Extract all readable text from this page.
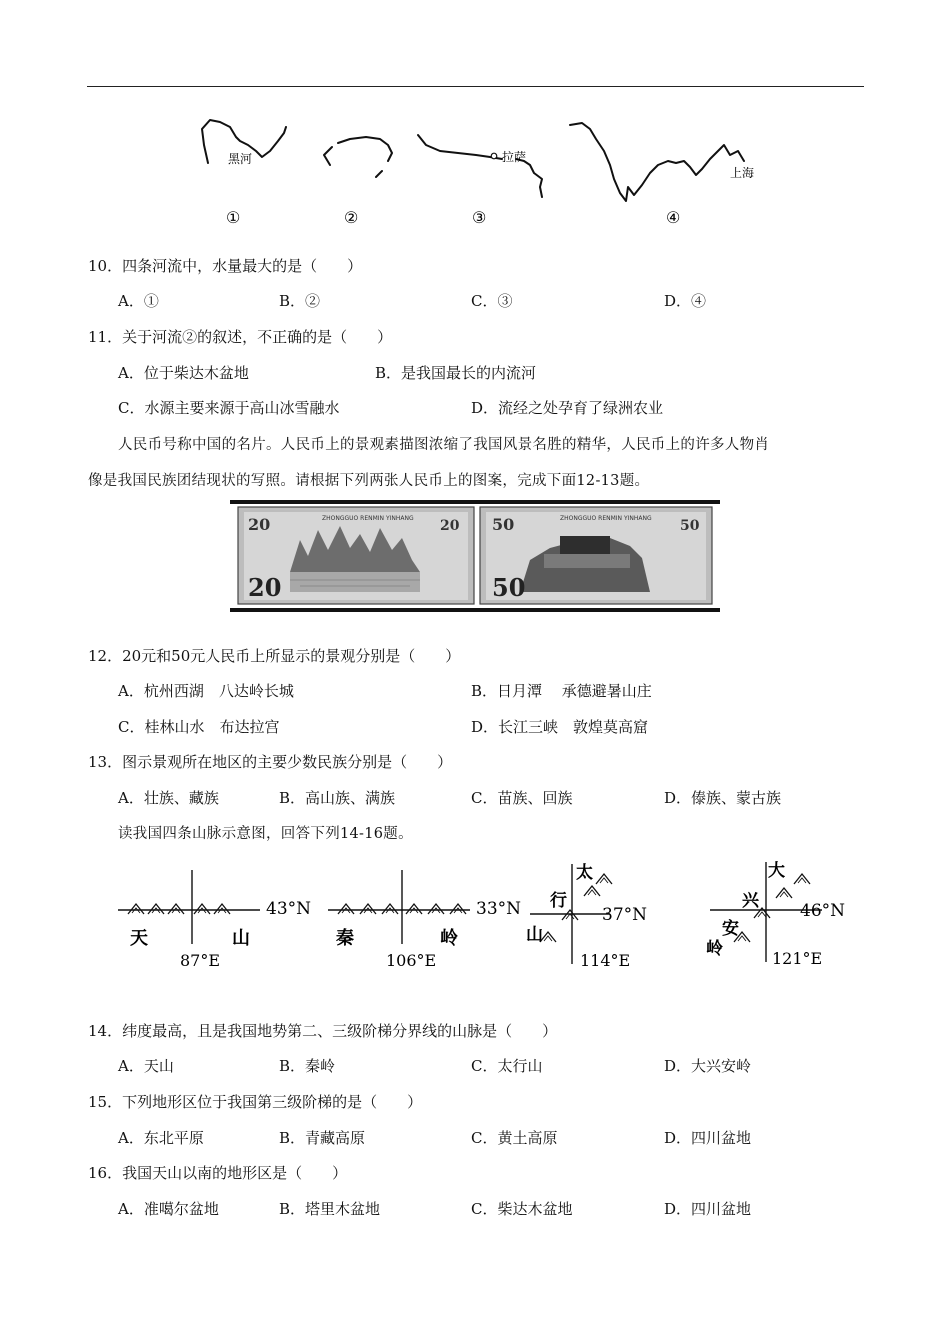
黑河	拉萨
上海
①	②	③	④
10．四条河流中，水量最大的是（　　）
A．①	B．②	C．③	D．④
11．关于河流②的叙述，不正确的是（　　）
A．位于柴达木盆地	B．是我国最长的内流河
C．水源主要来源于高山冰雪融水	D．流经之处孕育了绿洲农业
人民币号称中国的名片。人民币上的景观素描图浓缩了我国风景名胜的精华，人民币上的许多人物肖
像是我国民族团结现状的写照。请根据下列两张人民币上的图案，完成下面12-13题。
20
20
ZHONGGUO RENMIN YINHANG 20 50
50
ZHONGGUO RENMIN YINHANG 50
12．20元和50元人民币上所显示的景观分别是（　　）
A．杭州西湖　八达岭长城	B．日月潭　 承德避暑山庄
C．桂林山水　布达拉宫	D．长江三峡　敦煌莫高窟
13．图示景观所在地区的主要少数民族分别是（　　）
A．壮族、藏族	B．高山族、满族	C．苗族、回族	D．傣族、蒙古族
读我国四条山脉示意图，回答下列14-16题。
天	山
43°N
87°E
秦	岭
33°N
106°E
太
行
山
37°N
114°E
大
兴
安
岭
46°N
121°E
14．纬度最高，且是我国地势第二、三级阶梯分界线的山脉是（　　）
A．天山	B．秦岭	C．太行山	D．大兴安岭
15．下列地形区位于我国第三级阶梯的是（　　）
A．东北平原	B．青藏高原	C．黄土高原	D．四川盆地
16．我国天山以南的地形区是（　　）
A．准噶尔盆地	B．塔里木盆地	C．柴达木盆地	D．四川盆地
